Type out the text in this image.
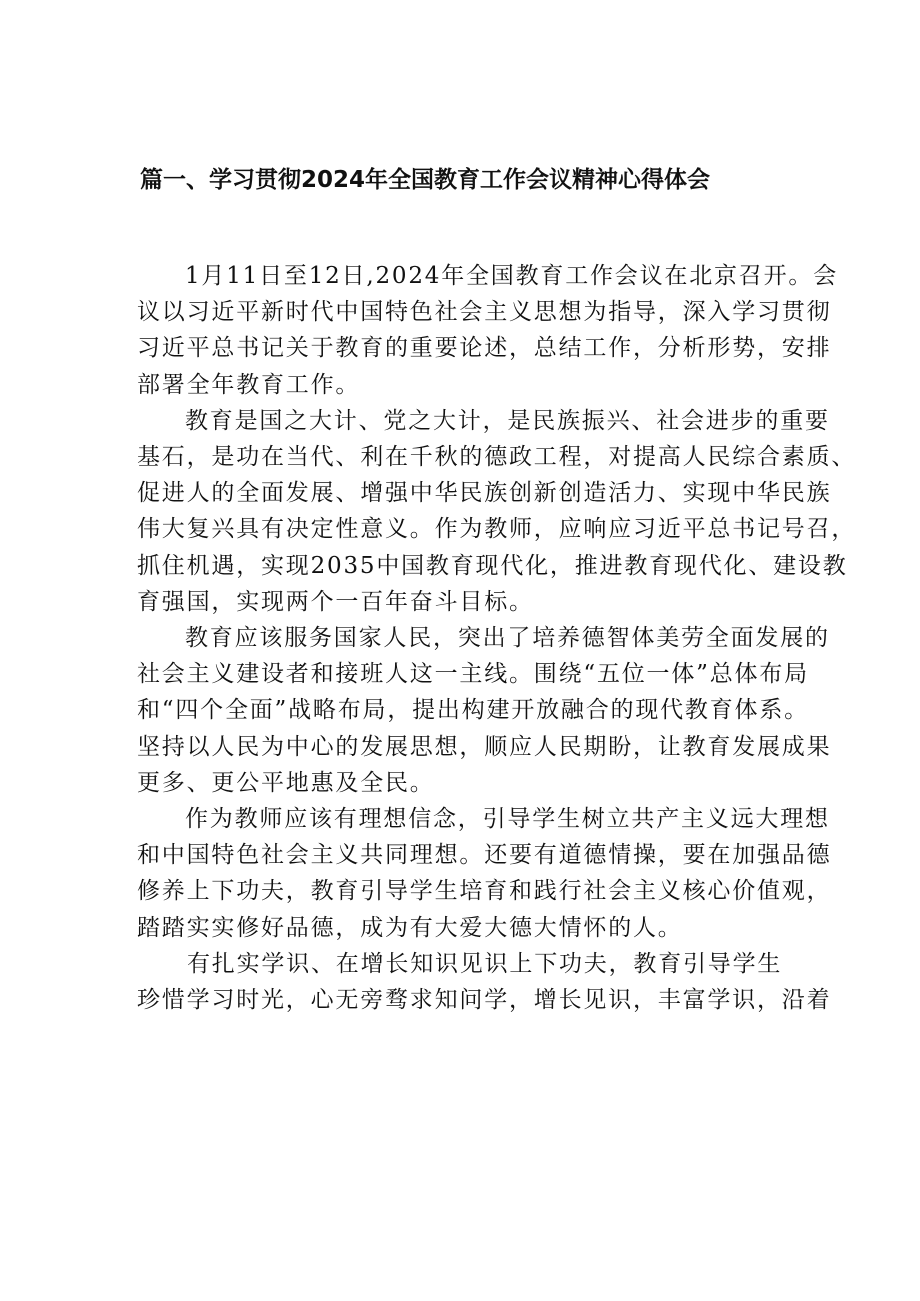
篇一、学习贯彻2024年全国教育工作会议精神心得体会
1月11日至12日,2024年全国教育工作会议在北京召开。会
议以习近平新时代中国特色社会主义思想为指导，深入学习贯彻
习近平总书记关于教育的重要论述，总结工作，分析形势，安排
部署全年教育工作。
教育是国之大计、党之大计，是民族振兴、社会进步的重要
基石，是功在当代、利在千秋的德政工程，对提高人民综合素质、
促进人的全面发展、增强中华民族创新创造活力、实现中华民族
伟大复兴具有决定性意义。作为教师，应响应习近平总书记号召，
抓住机遇，实现2035中国教育现代化，推进教育现代化、建设教
育强国，实现两个一百年奋斗目标。
教育应该服务国家人民，突出了培养德智体美劳全面发展的
社会主义建设者和接班人这一主线。围绕“五位一体”总体布局
和“四个全面”战略布局，提出构建开放融合的现代教育体系。
坚持以人民为中心的发展思想，顺应人民期盼，让教育发展成果
更多、更公平地惠及全民。
作为教师应该有理想信念，引导学生树立共产主义远大理想
和中国特色社会主义共同理想。还要有道德情操，要在加强品德
修养上下功夫，教育引导学生培育和践行社会主义核心价值观，
踏踏实实修好品德，成为有大爱大德大情怀的人。
有扎实学识、在增长知识见识上下功夫，教育引导学生
珍惜学习时光，心无旁骛求知问学，增长见识，丰富学识，沿着
